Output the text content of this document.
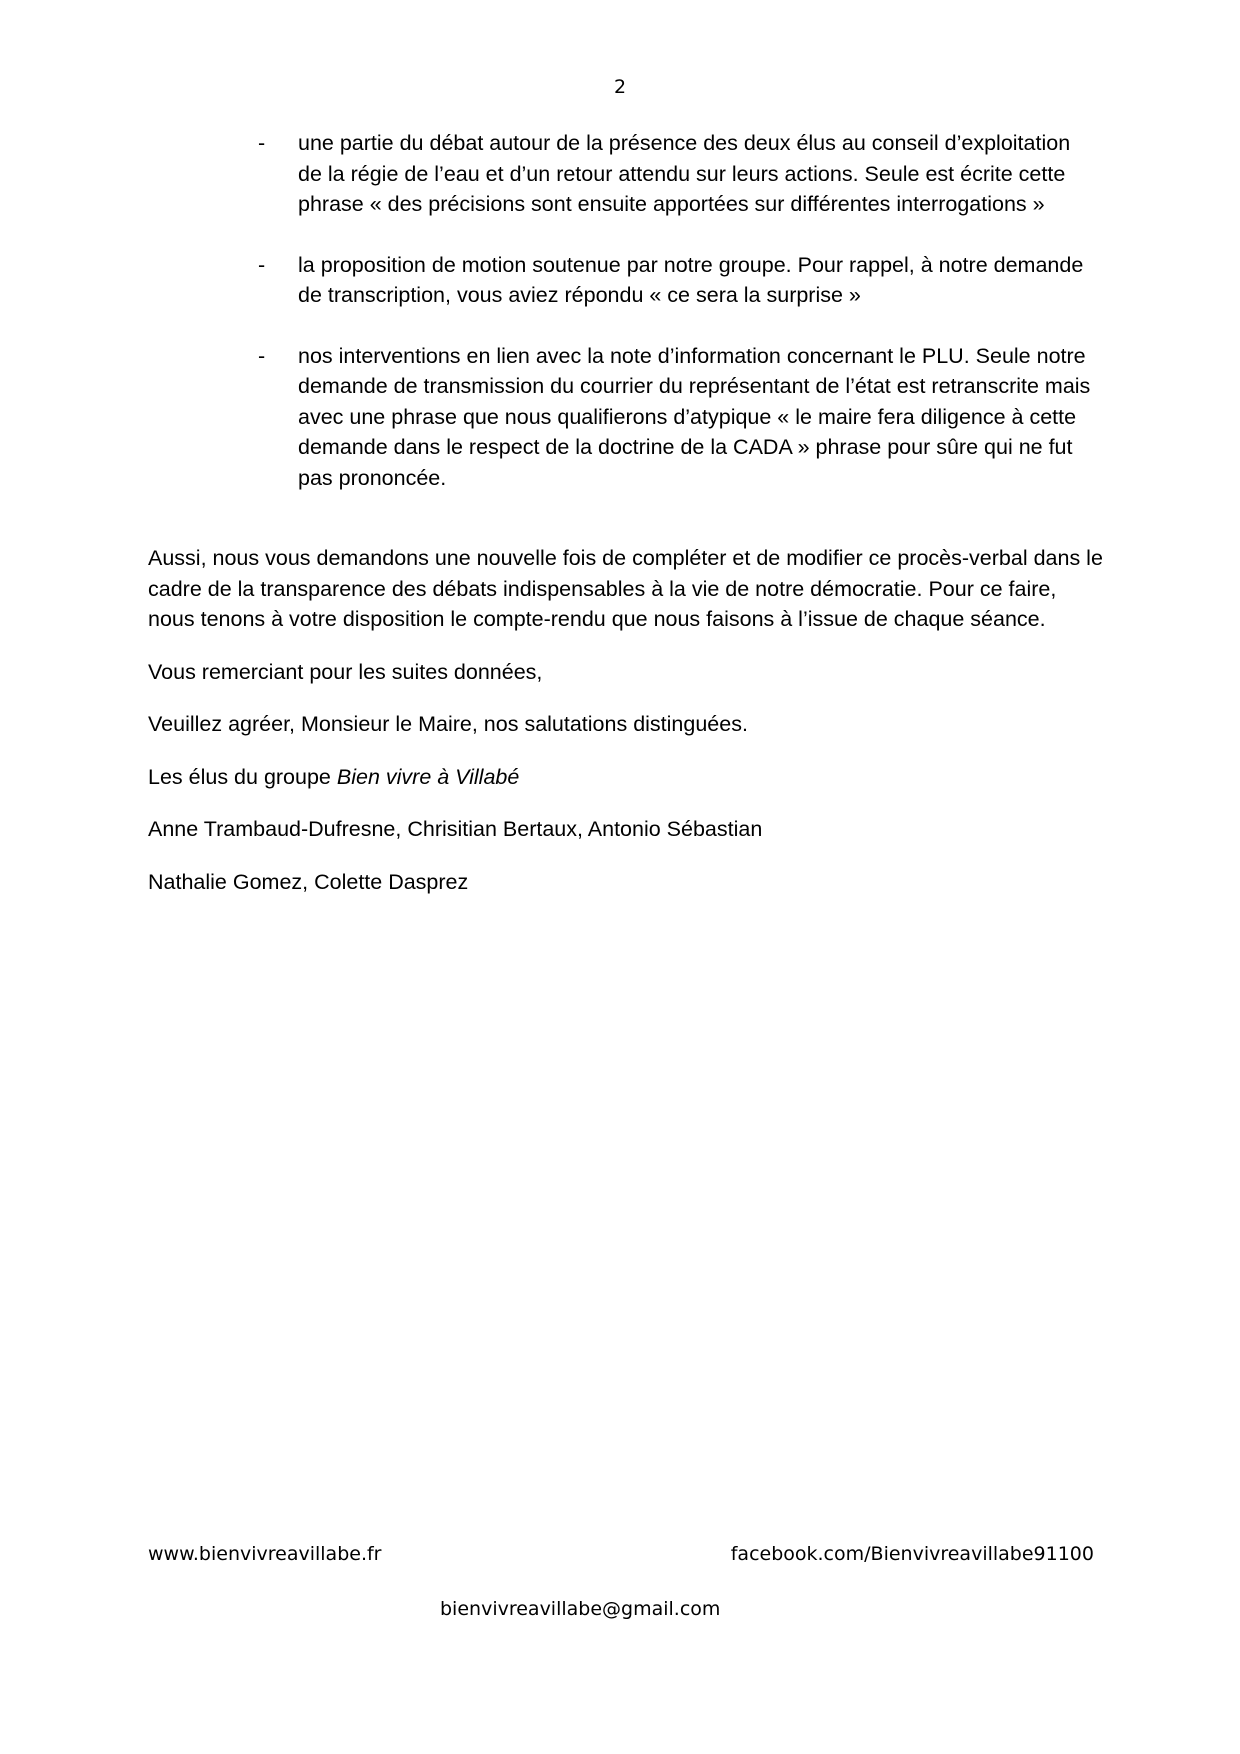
2
- une partie du débat autour de la présence des deux élus au conseil d’exploitation de la régie de l’eau et d’un retour attendu sur leurs actions. Seule est écrite cette phrase « des précisions sont ensuite apportées sur différentes interrogations »
- la proposition de motion soutenue par notre groupe. Pour rappel, à notre demande de transcription, vous aviez répondu « ce sera la surprise »
- nos interventions en lien avec la note d’information concernant le PLU. Seule notre demande de transmission du courrier du représentant de l’état est retranscrite mais avec une phrase que nous qualifierons d’atypique « le maire fera diligence à cette demande dans le respect de la doctrine de la CADA » phrase pour sûre qui ne fut pas prononcée.

Aussi, nous vous demandons une nouvelle fois de compléter et de modifier ce procès-verbal dans le cadre de la transparence des débats indispensables à la vie de notre démocratie. Pour ce faire, nous tenons à votre disposition le compte-rendu que nous faisons à l’issue de chaque séance.

Vous remerciant pour les suites données,

Veuillez agréer, Monsieur le Maire, nos salutations distinguées.

Les élus du groupe Bien vivre à Villabé

Anne Trambaud-Dufresne, Chrisitian Bertaux, Antonio Sébastian

Nathalie Gomez, Colette Dasprez

www.bienvivreavillabe.fr	facebook.com/Bienvivreavillabe91100
bienvivreavillabe@gmail.com
